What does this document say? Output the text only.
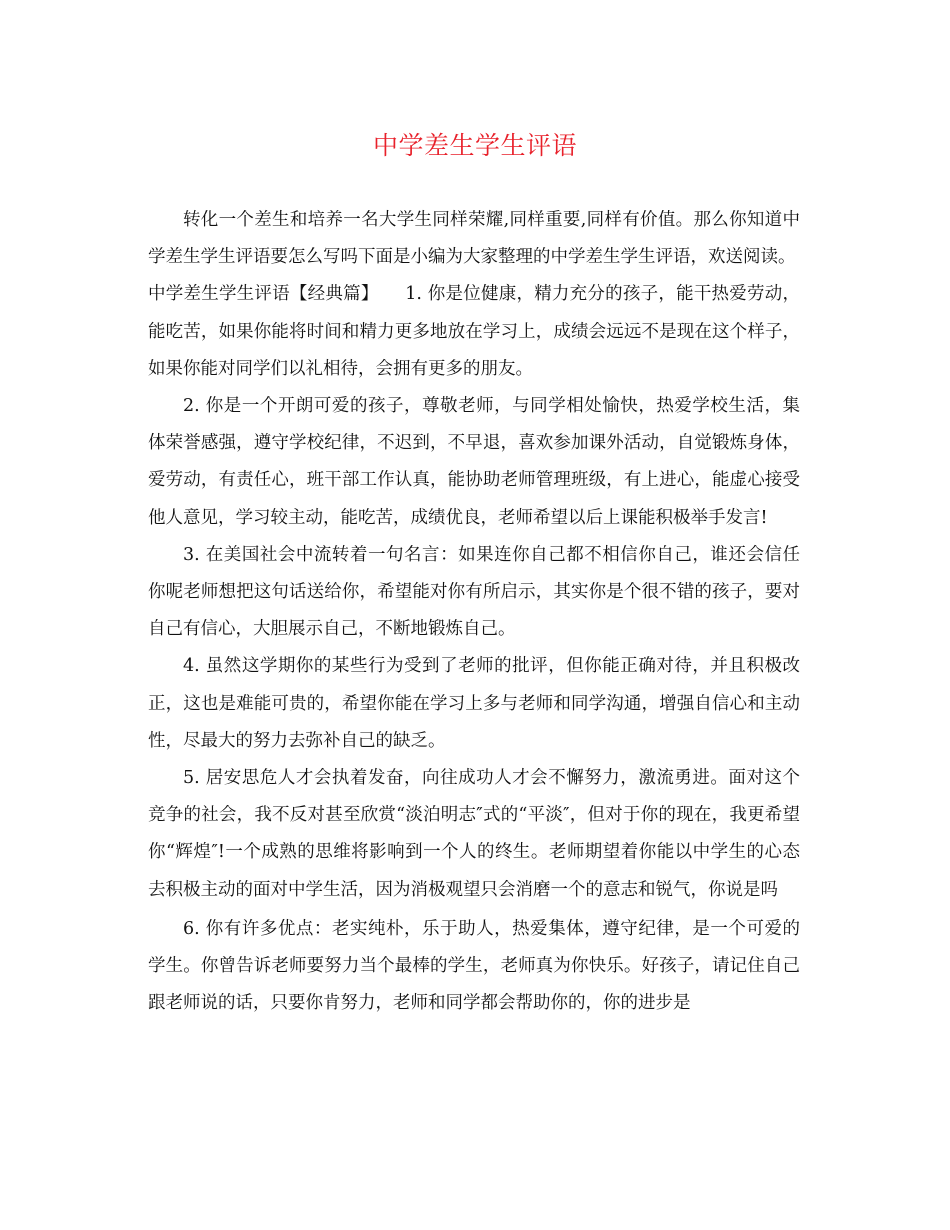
中学差生学生评语

转化一个差生和培养一名大学生同样荣耀,同样重要,同样有价值。那么你知道中学差生学生评语要怎么写吗下面是小编为大家整理的中学差生学生评语，欢送阅读。

中学差生学生评语【经典篇】　　1. 你是位健康，精力充分的孩子，能干热爱劳动，能吃苦，如果你能将时间和精力更多地放在学习上，成绩会远远不是现在这个样子，如果你能对同学们以礼相待，会拥有更多的朋友。

2. 你是一个开朗可爱的孩子，尊敬老师，与同学相处愉快，热爱学校生活，集体荣誉感强，遵守学校纪律，不迟到，不早退，喜欢参加课外活动，自觉锻炼身体，爱劳动，有责任心，班干部工作认真，能协助老师管理班级，有上进心，能虚心接受他人意见，学习较主动，能吃苦，成绩优良，老师希望以后上课能积极举手发言!

3. 在美国社会中流转着一句名言：如果连你自己都不相信你自己，谁还会信任你呢老师想把这句话送给你，希望能对你有所启示，其实你是个很不错的孩子，要对自己有信心，大胆展示自己，不断地锻炼自己。

4. 虽然这学期你的某些行为受到了老师的批评，但你能正确对待，并且积极改正，这也是难能可贵的，希望你能在学习上多与老师和同学沟通，增强自信心和主动性，尽最大的努力去弥补自己的缺乏。

5. 居安思危人才会执着发奋，向往成功人才会不懈努力，激流勇进。面对这个竞争的社会，我不反对甚至欣赏“淡泊明志″式的“平淡″，但对于你的现在，我更希望你“辉煌″!一个成熟的思维将影响到一个人的终生。老师期望着你能以中学生的心态去积极主动的面对中学生活，因为消极观望只会消磨一个的意志和锐气，你说是吗

6. 你有许多优点：老实纯朴，乐于助人，热爱集体，遵守纪律，是一个可爱的学生。你曾告诉老师要努力当个最棒的学生，老师真为你快乐。好孩子，请记住自己跟老师说的话，只要你肯努力，老师和同学都会帮助你的，你的进步是
